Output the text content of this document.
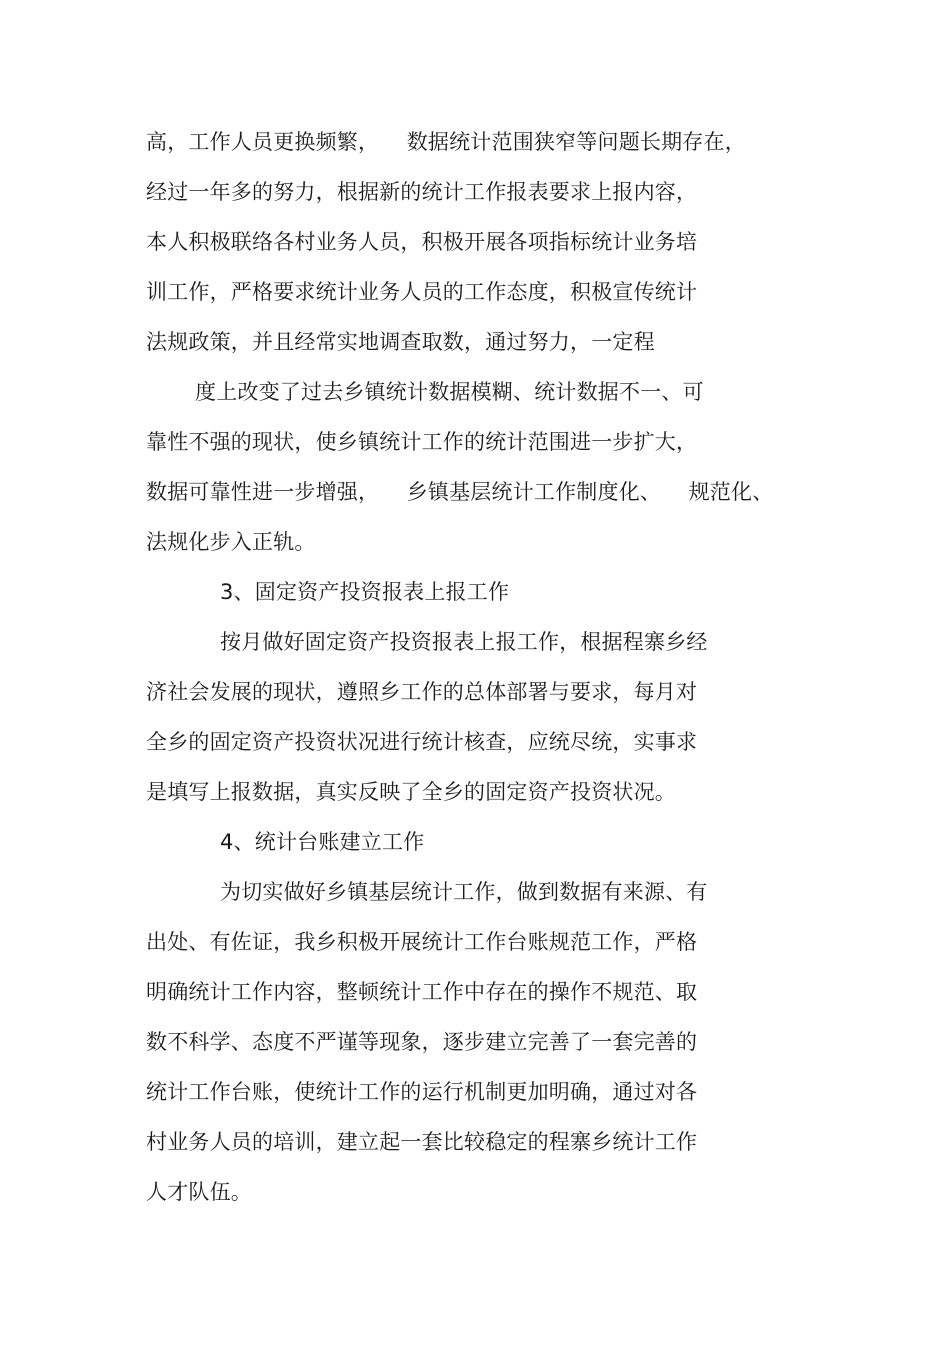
高，工作人员更换频繁，    数据统计范围狭窄等问题长期存在，
经过一年多的努力，根据新的统计工作报表要求上报内容，
本人积极联络各村业务人员，积极开展各项指标统计业务培
训工作，严格要求统计业务人员的工作态度，积极宣传统计
法规政策，并且经常实地调查取数，通过努力，一定程
度上改变了过去乡镇统计数据模糊、统计数据不一、可
靠性不强的现状，使乡镇统计工作的统计范围进一步扩大，
数据可靠性进一步增强，    乡镇基层统计工作制度化、    规范化、
法规化步入正轨。
3、固定资产投资报表上报工作
按月做好固定资产投资报表上报工作，根据程寨乡经
济社会发展的现状，遵照乡工作的总体部署与要求，每月对
全乡的固定资产投资状况进行统计核查，应统尽统，实事求
是填写上报数据，真实反映了全乡的固定资产投资状况。
4、统计台账建立工作
为切实做好乡镇基层统计工作，做到数据有来源、有
出处、有佐证，我乡积极开展统计工作台账规范工作，严格
明确统计工作内容，整顿统计工作中存在的操作不规范、取
数不科学、态度不严谨等现象，逐步建立完善了一套完善的
统计工作台账，使统计工作的运行机制更加明确，通过对各
村业务人员的培训，建立起一套比较稳定的程寨乡统计工作
人才队伍。
